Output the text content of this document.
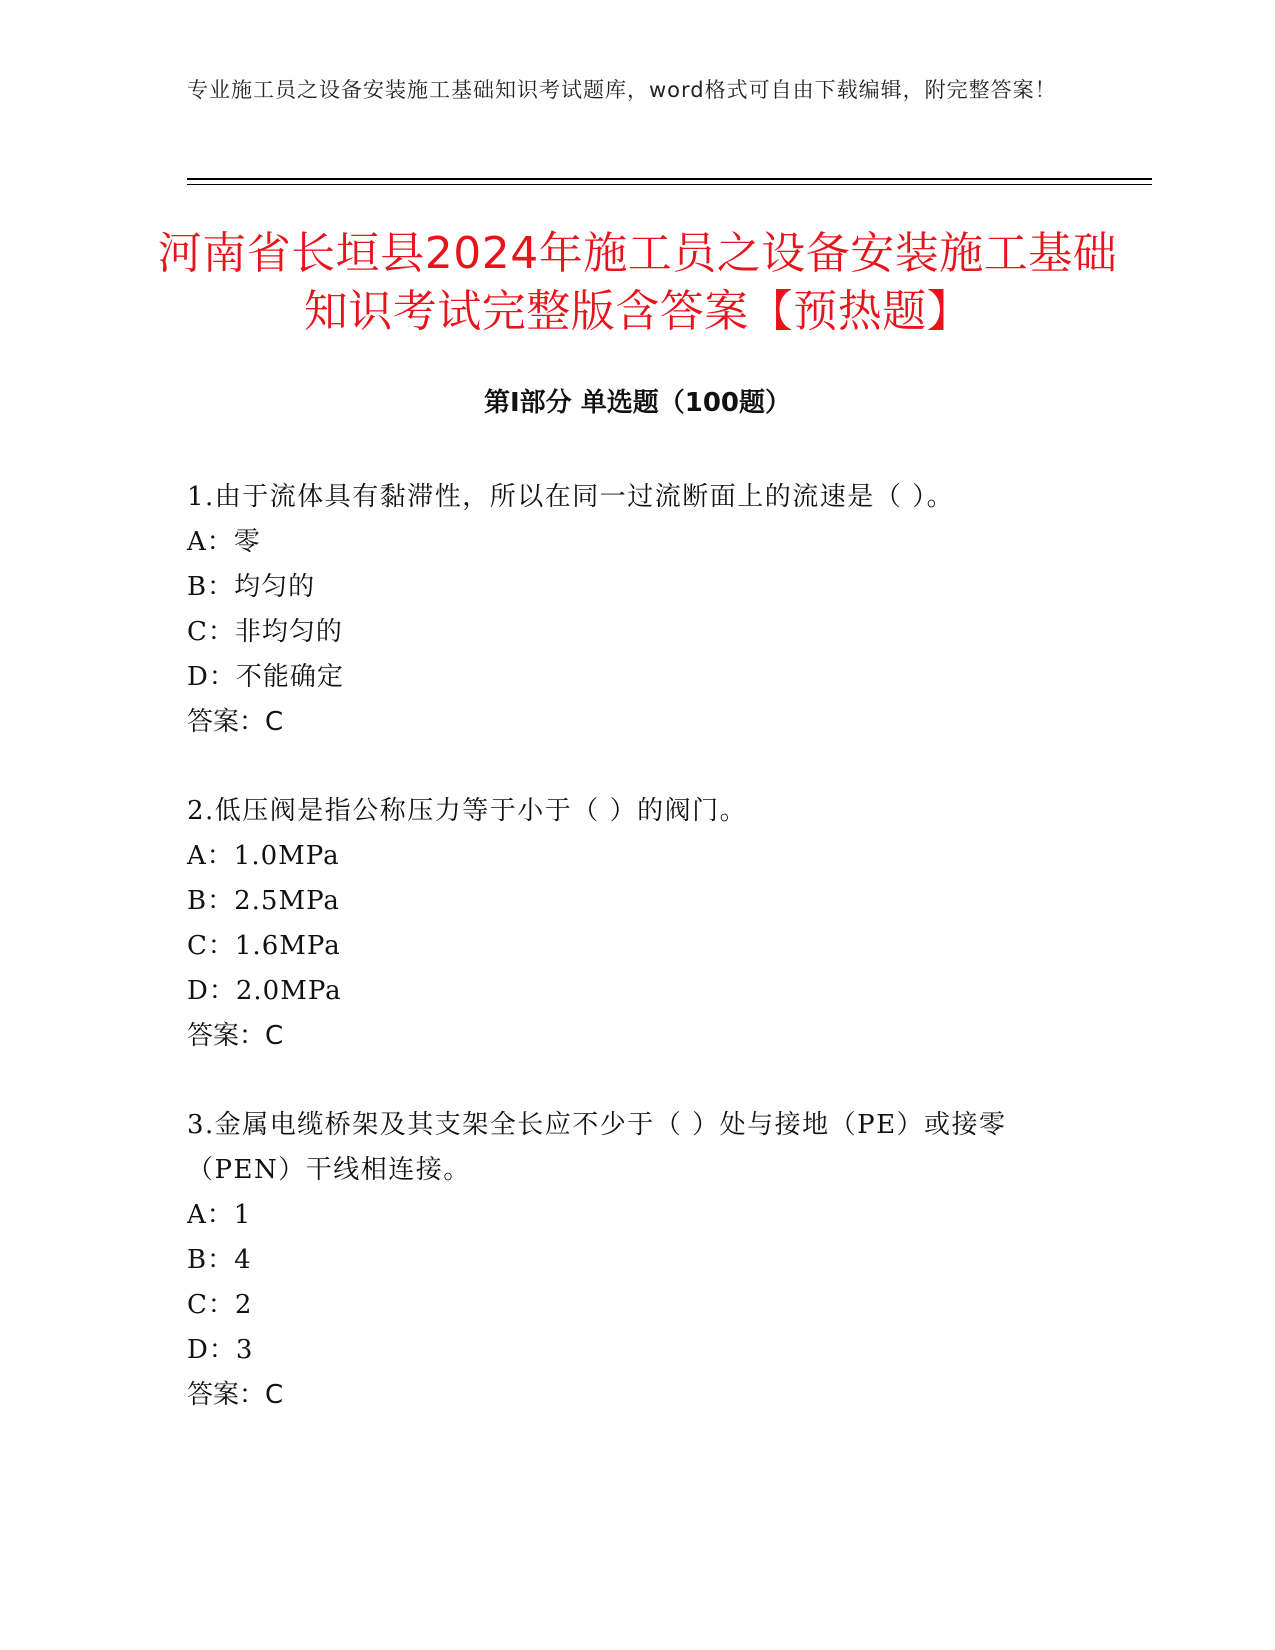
专业施工员之设备安装施工基础知识考试题库，word格式可自由下载编辑，附完整答案！
河南省长垣县2024年施工员之设备安装施工基础知识考试完整版含答案【预热题】
第I部分 单选题（100题）
1.由于流体具有黏滞性，所以在同一过流断面上的流速是（ ）。
A：零
B：均匀的
C：非均匀的
D：不能确定
答案：C
2.低压阀是指公称压力等于小于（ ）的阀门。
A：1.0MPa
B：2.5MPa
C：1.6MPa
D：2.0MPa
答案：C
3.金属电缆桥架及其支架全长应不少于（ ）处与接地（PE）或接零（PEN）干线相连接。
A：1
B：4
C：2
D：3
答案：C
